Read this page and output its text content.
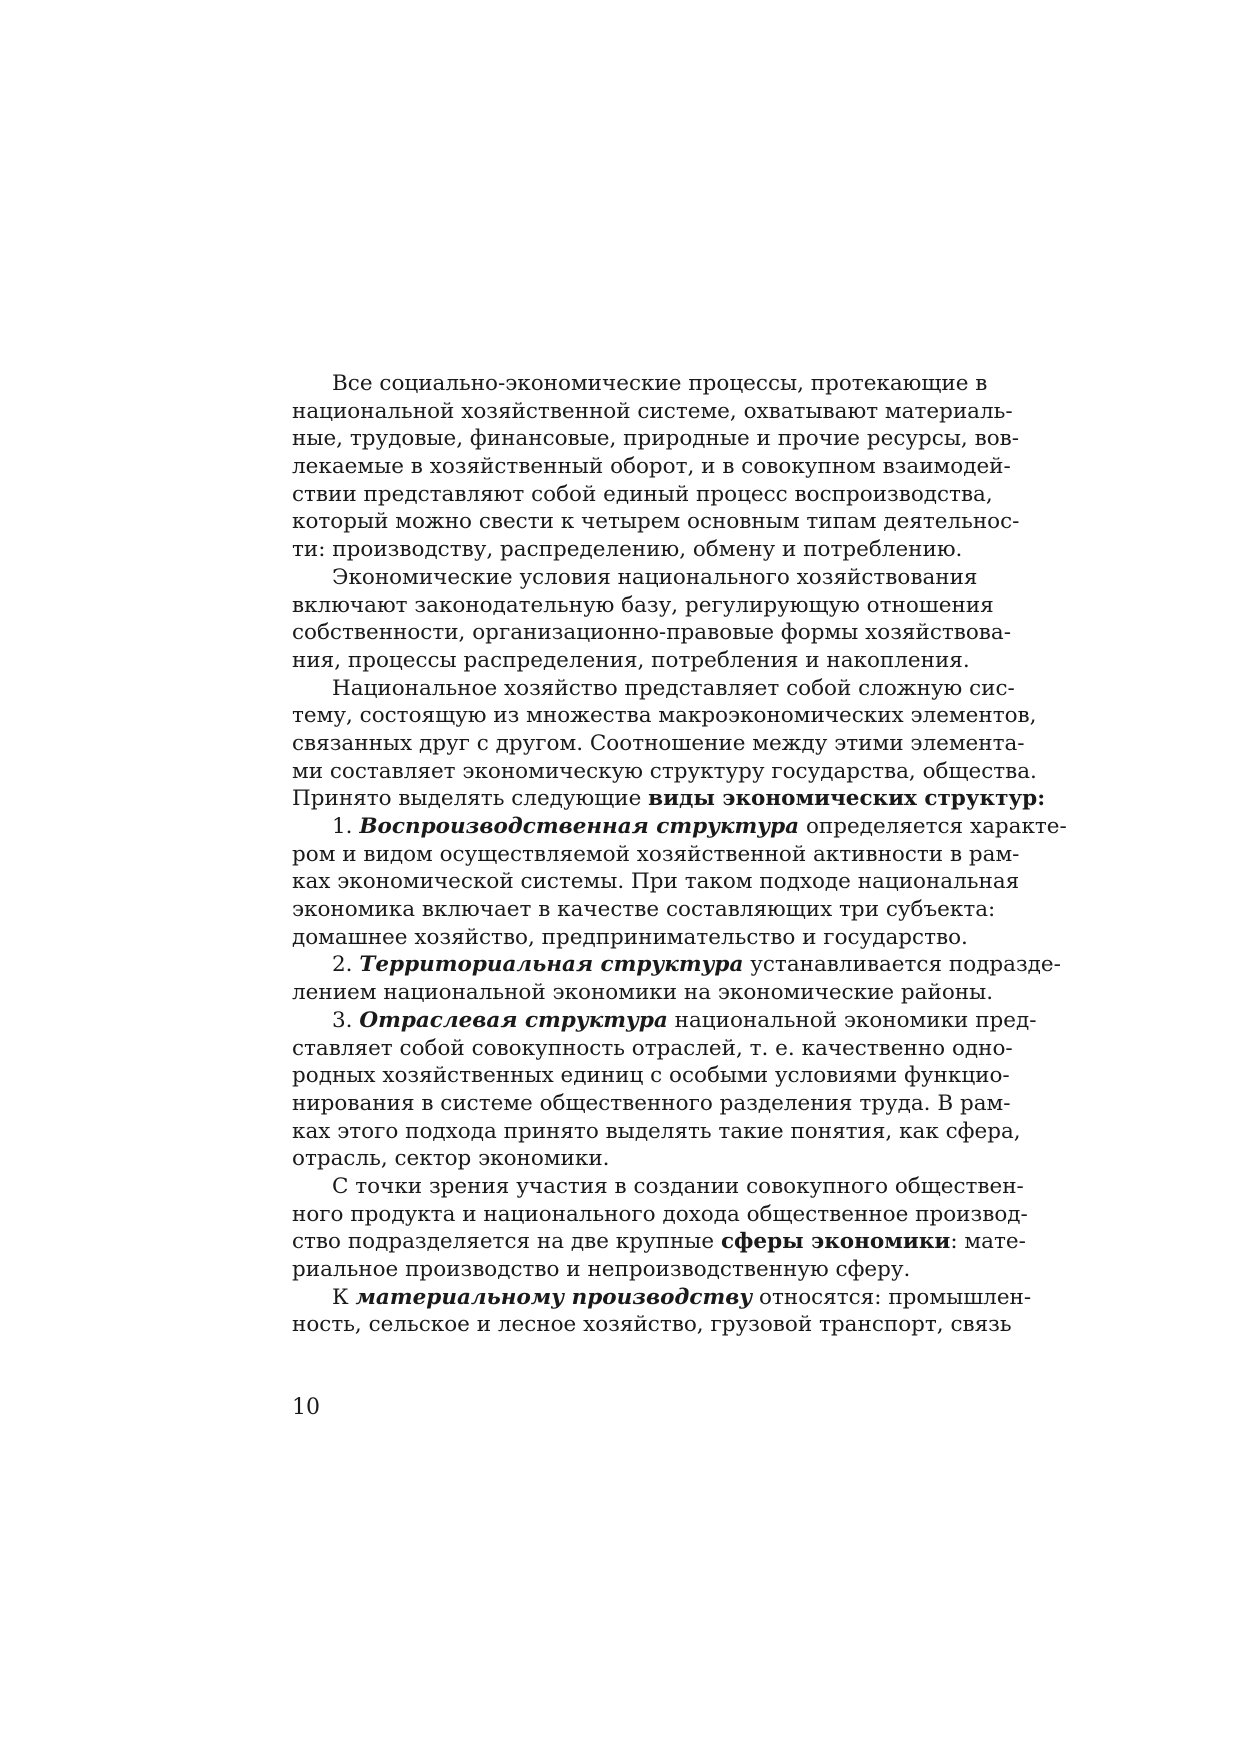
Все социально-экономические процессы, протекающие в
национальной хозяйственной системе, охватывают материаль-
ные, трудовые, финансовые, природные и прочие ресурсы, вов-
лекаемые в хозяйственный оборот, и в совокупном взаимодей-
ствии представляют собой единый процесс воспроизводства,
который можно свести к четырем основным типам деятельнос-
ти: производству, распределению, обмену и потреблению.
Экономические условия национального хозяйствования
включают законодательную базу, регулирующую отношения
собственности, организационно-правовые формы хозяйствова-
ния, процессы распределения, потребления и накопления.
Национальное хозяйство представляет собой сложную сис-
тему, состоящую из множества макроэкономических элементов,
связанных друг с другом. Соотношение между этими элемента-
ми составляет экономическую структуру государства, общества.
Принято выделять следующие виды экономических структур:
1. Воспроизводственная структура определяется характе-
ром и видом осуществляемой хозяйственной активности в рам-
ках экономической системы. При таком подходе национальная
экономика включает в качестве составляющих три субъекта:
домашнее хозяйство, предпринимательство и государство.
2. Территориальная структура устанавливается подразде-
лением национальной экономики на экономические районы.
3. Отраслевая структура национальной экономики пред-
ставляет собой совокупность отраслей, т. е. качественно одно-
родных хозяйственных единиц с особыми условиями функцио-
нирования в системе общественного разделения труда. В рам-
ках этого подхода принято выделять такие понятия, как сфера,
отрасль, сектор экономики.
С точки зрения участия в создании совокупного обществен-
ного продукта и национального дохода общественное производ-
ство подразделяется на две крупные сферы экономики: мате-
риальное производство и непроизводственную сферу.
К материальному производству относятся: промышлен-
ность, сельское и лесное хозяйство, грузовой транспорт, связь
10
